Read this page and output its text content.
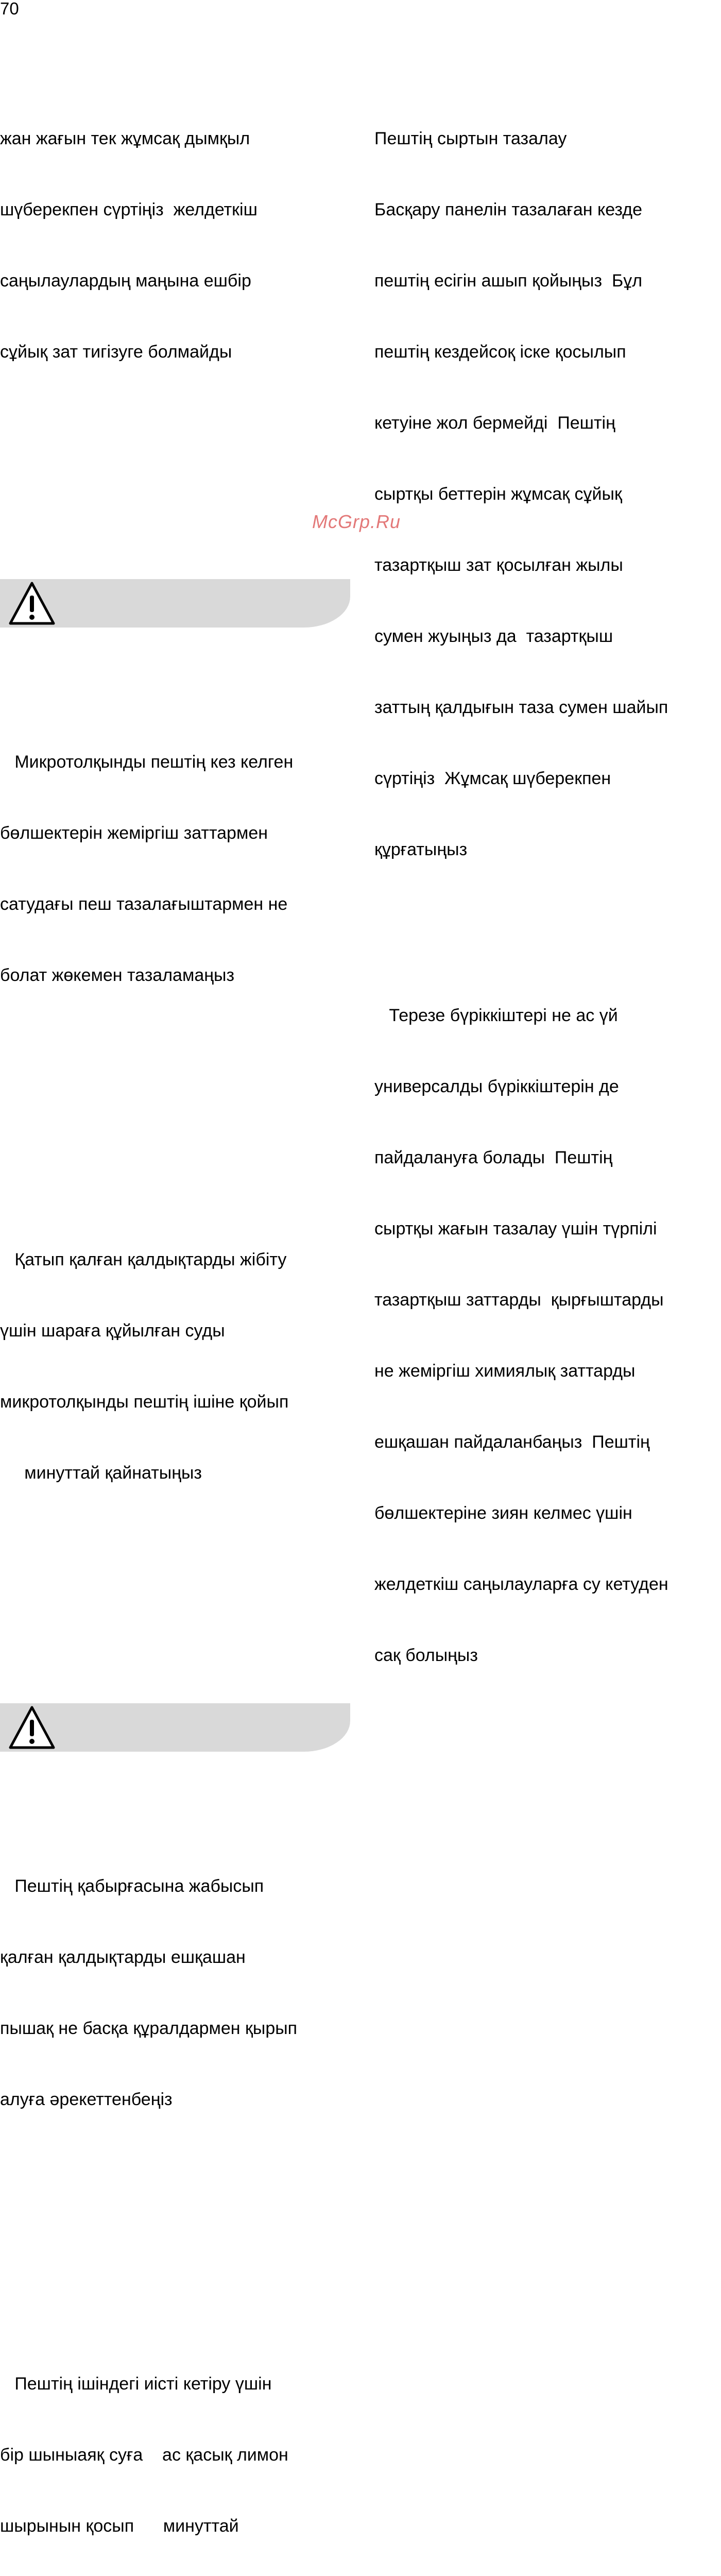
70

жан жағын тек жұмсақ дымқыл

шүберекпен сүртіңіз  желдеткіш

саңылаулардың маңына ешбір

сұйық зат тигізуге болмайды

Микротолқынды пештің кез келген

бөлшектерін жемiргiш заттармен

сатудағы пеш тазалағыштармен не

болат жөкемен тазаламаңыз

Қатып қалған қалдықтарды жібіту

үшін шараға құйылған суды

микротолқынды пештің ішіне қойып

минуттай қайнатыңыз

Пештің қабырғасына жабысып

қалған қалдықтарды ешқашан

пышақ не басқа құралдармен қырып

алуға әрекеттенбеңіз

Пештің ішіндегі иісті кетіру үшін

бір шыныаяқ суға    ас қасық лимон

шырынын қосып      минуттай

Пештің сыртын тазалау

Басқару панелін тазалаған кезде

пештің есігін ашып қойыңыз  Бұл

пештің кездейсоқ іске қосылып

кетуіне жол бермейді  Пештің

сыртқы беттерін жұмсақ сұйық

тазартқыш зат қосылған жылы

сумен жуыңыз да  тазартқыш

заттың қалдығын таза сумен шайып

сүртіңіз  Жұмсақ шүберекпен

құрғатыңыз

Терезе бүріккіштері не ас үй

универсалды бүріккіштерін де

пайдалануға болады  Пештің

сыртқы жағын тазалау үшін түрпілі

тазартқыш заттарды  қырғыштарды

не жемiргiш химиялық заттарды

ешқашан пайдаланбаңыз  Пештің

бөлшектеріне зиян келмес үшін

желдеткіш саңылауларға су кетуден

сақ болыңыз

McGrp.Ru
